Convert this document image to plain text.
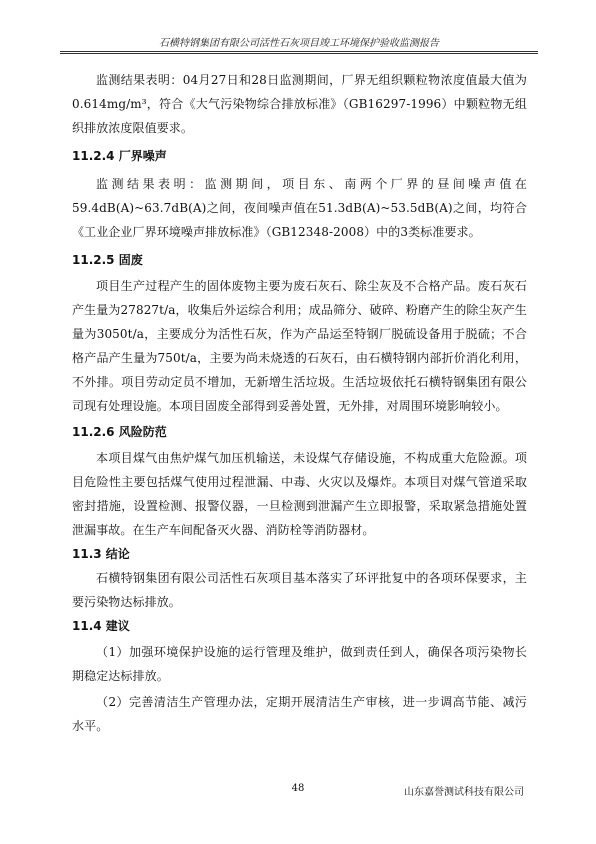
石横特钢集团有限公司活性石灰项目竣工环境保护验收监测报告

监测结果表明：04月27日和28日监测期间，厂界无组织颗粒物浓度值最大值为0.614mg/m³，符合《大气污染物综合排放标准》（GB16297-1996）中颗粒物无组织排放浓度限值要求。

11.2.4 厂界噪声

监测结果表明：监测期间，项目东、南两个厂界的昼间噪声值在59.4dB(A)~63.7dB(A)之间，夜间噪声值在51.3dB(A)~53.5dB(A)之间，均符合《工业企业厂界环境噪声排放标准》（GB12348-2008）中的3类标准要求。

11.2.5 固废

项目生产过程产生的固体废物主要为废石灰石、除尘灰及不合格产品。废石灰石产生量为27827t/a，收集后外运综合利用；成品筛分、破碎、粉磨产生的除尘灰产生量为3050t/a，主要成分为活性石灰，作为产品运至特钢厂脱硫设备用于脱硫；不合格产品产生量为750t/a，主要为尚未烧透的石灰石，由石横特钢内部折价消化利用，不外排。项目劳动定员不增加，无新增生活垃圾。生活垃圾依托石横特钢集团有限公司现有处理设施。本项目固废全部得到妥善处置，无外排，对周围环境影响较小。

11.2.6 风险防范

本项目煤气由焦炉煤气加压机输送，未设煤气存储设施，不构成重大危险源。项目危险性主要包括煤气使用过程泄漏、中毒、火灾以及爆炸。本项目对煤气管道采取密封措施，设置检测、报警仪器，一旦检测到泄漏产生立即报警，采取紧急措施处置泄漏事故。在生产车间配备灭火器、消防栓等消防器材。

11.3 结论

石横特钢集团有限公司活性石灰项目基本落实了环评批复中的各项环保要求，主要污染物达标排放。

11.4 建议

（1）加强环境保护设施的运行管理及维护，做到责任到人，确保各项污染物长期稳定达标排放。

（2）完善清洁生产管理办法，定期开展清洁生产审核，进一步调高节能、减污水平。

48	山东嘉誉测试科技有限公司
